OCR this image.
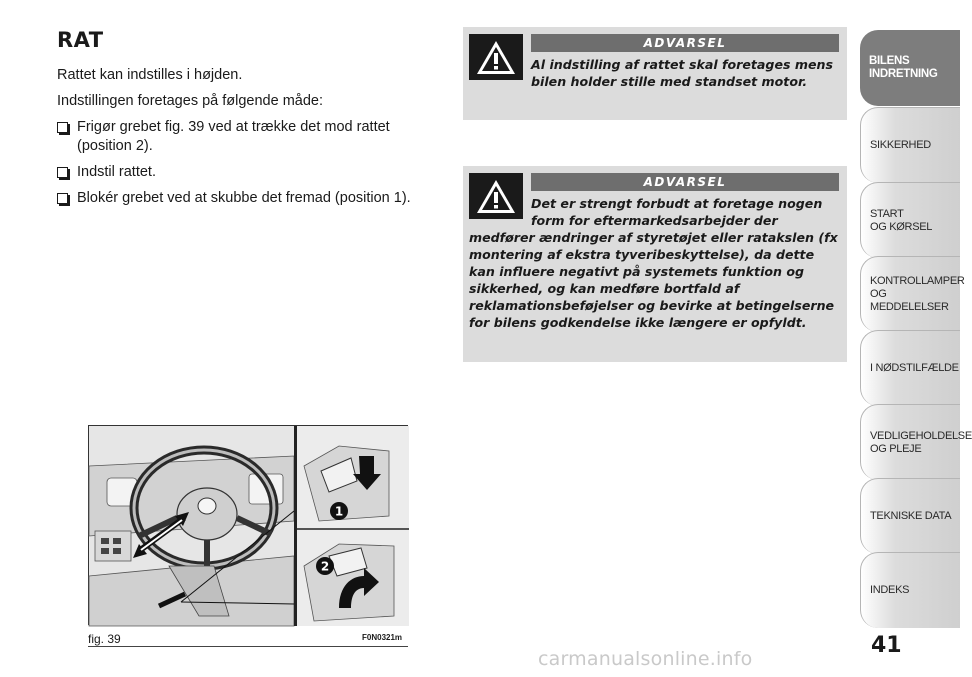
RAT

Rattet kan indstilles i højden.

Indstillingen foretages på følgende måde:

Frigør grebet fig. 39 ved at trække det mod rattet (position 2).
Indstil rattet.
Blokér grebet ved at skubbe det fremad (position 1).
ADVARSEL
Al indstilling af rattet skal foretages mens bilen holder stille med standset motor.
ADVARSEL
Det er strengt forbudt at foretage nogen form for eftermarkedsarbejder der medfører ændringer af styretøjet eller ratakslen (fx montering af ekstra tyveribeskyttelse), da dette kan influere negativt på systemets funktion og sikkerhed, og kan medføre bortfald af reklamationsbeføjelser og bevirke at betingelserne for bilens godkendelse ikke længere er opfyldt.
1
2
fig. 39	F0N0321m
BILENS
INDRETNING
SIKKERHED
START
OG KØRSEL
KONTROLLAMPER
OG MEDDELELSER
I NØDSTILFÆLDE
VEDLIGEHOLDELSE
OG PLEJE
TEKNISKE DATA
INDEKS
41
carmanualsonline.info
